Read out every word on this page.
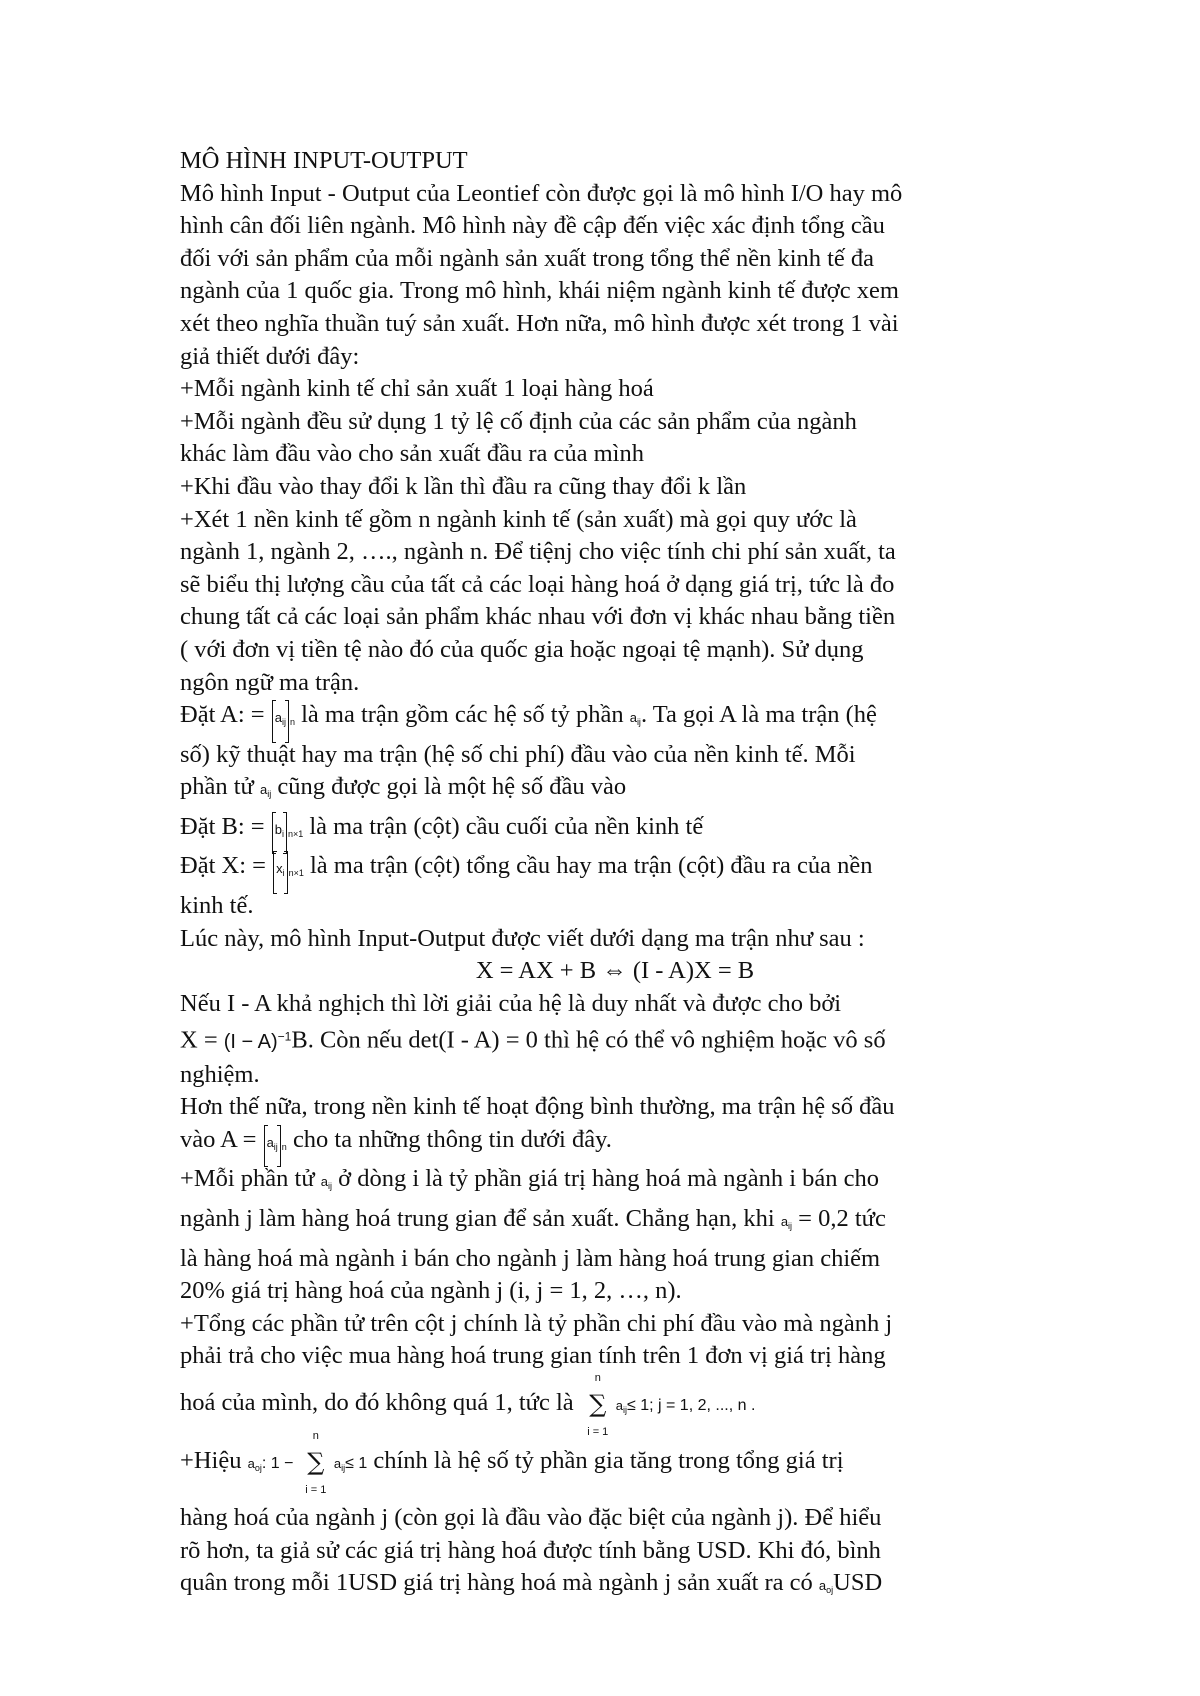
MÔ HÌNH INPUT-OUTPUT
Mô hình Input - Output của Leontief còn được gọi là mô hình I/O hay mô
hình cân đối liên ngành. Mô hình này đề cập đến việc xác định tổng cầu
đối với sản phẩm của mỗi ngành sản xuất trong tổng thể nền kinh tế đa
ngành của 1 quốc gia. Trong mô hình, khái niệm ngành kinh tế được xem
xét theo nghĩa thuần tuý sản xuất. Hơn nữa, mô hình được xét trong 1 vài
giả thiết dưới đây:
+Mỗi ngành kinh tế chỉ sản xuất 1 loại hàng hoá
+Mỗi ngành đều sử dụng 1 tỷ lệ cố định của các sản phẩm của ngành
khác làm đầu vào cho sản xuất đầu ra của mình
+Khi đầu vào thay đổi k lần thì đầu ra cũng thay đổi k lần
+Xét 1 nền kinh tế gồm n ngành kinh tế (sản xuất) mà gọi quy ước là
ngành 1, ngành 2, …., ngành n. Để tiệnj cho việc tính chi phí sản xuất, ta
sẽ biểu thị lượng cầu của tất cả các loại hàng hoá ở dạng giá trị, tức là đo
chung tất cả các loại sản phẩm khác nhau với đơn vị khác nhau bằng tiền
( với đơn vị tiền tệ nào đó của quốc gia hoặc ngoại tệ mạnh). Sử dụng
ngôn ngữ ma trận.
Đặt A: = $a_{ij}$ $_n$ là ma trận gồm các hệ số tỷ phần $a_{ij}$. Ta gọi A là ma trận (hệ
số) kỹ thuật hay ma trận (hệ số chi phí) đầu vào của nền kinh tế. Mỗi
phần tử $a_{ij}$ cũng được gọi là một hệ số đầu vào
Đặt B: = $b_i$ $_{n\times 1}$ là ma trận (cột) cầu cuối của nền kinh tế
Đặt X: = $x_i$ $_{n\times 1}$ là ma trận (cột) tổng cầu hay ma trận (cột) đầu ra của nền
kinh tế.
Lúc này, mô hình Input-Output được viết dưới dạng ma trận như sau :
X = AX + B ⇔ (I - A)X = B
Nếu I - A khả nghịch thì lời giải của hệ là duy nhất và được cho bởi
$X = (I - A)^{-1}B$. Còn nếu det(I - A) = 0 thì hệ có thể vô nghiệm hoặc vô số
nghiệm.
Hơn thế nữa, trong nền kinh tế hoạt động bình thường, ma trận hệ số đầu
vào $A = a_{ij}$ $_n$ cho ta những thông tin dưới đây.
+Mỗi phần tử $a_{ij}$ ở dòng i là tỷ phần giá trị hàng hoá mà ngành i bán cho
ngành j làm hàng hoá trung gian để sản xuất. Chẳng hạn, khi $a_{ij} = 0,2$ tức
là hàng hoá mà ngành i bán cho ngành j làm hàng hoá trung gian chiếm
20% giá trị hàng hoá của ngành j (i, j = 1, 2, …, n).
+Tổng các phần tử trên cột j chính là tỷ phần chi phí đầu vào mà ngành j
phải trả cho việc mua hàng hoá trung gian tính trên 1 đơn vị giá trị hàng
hoá của mình, do đó không quá 1, tức là
n
∑
i = 1
$a_{ij}\le 1$; j = 1, 2, ..., n .
+Hiệu $a_{oj}$: 1 −
n
∑
i = 1
$a_{ij}\le 1$ chính là hệ số tỷ phần gia tăng trong tổng giá trị
hàng hoá của ngành j (còn gọi là đầu vào đặc biệt của ngành j). Để hiểu
rõ hơn, ta giả sử các giá trị hàng hoá được tính bằng USD. Khi đó, bình
quân trong mỗi 1USD giá trị hàng hoá mà ngành j sản xuất ra có $a_{oj}USD$
